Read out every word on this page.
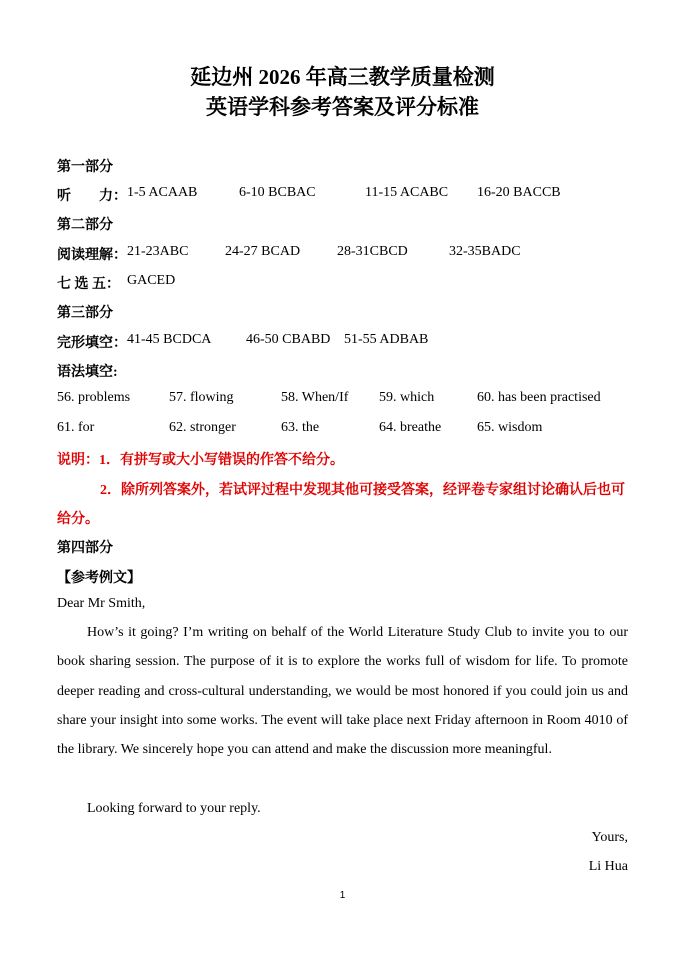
延边州 2026 年高三教学质量检测
英语学科参考答案及评分标准
第一部分
听　　力： 1-5 ACAAB	6-10 BCBAC	11-15 ACABC 16-20 BACCB
第二部分
阅读理解： 21-23ABC	24-27 BCAD	28-31CBCD	32-35BADC
七 选 五： GACED
第三部分
完形填空： 41-45 BCDCA 46-50 CBABD 51-55 ADBAB
语法填空:
56. problems	57. flowing	58. When/If 59. which	60. has been practised
61. for	62. stronger	63. the	64. breathe	65. wisdom
说明：1．有拼写或大小写错误的作答不给分。
2．除所列答案外，若试评过程中发现其他可接受答案，经评卷专家组讨论确认后也可
给分。
第四部分
【参考例文】
Dear Mr Smith,
How’s it going? I’m writing on behalf of the World Literature Study Club to invite you to our book sharing session. The purpose of it is to explore the works full of wisdom for life. To promote deeper reading and cross-cultural understanding, we would be most honored if you could join us and share your insight into some works. The event will take place next Friday afternoon in Room 4010 of the library. We sincerely hope you can attend and make the discussion more meaningful.
Looking forward to your reply.
Yours,
Li Hua
1
